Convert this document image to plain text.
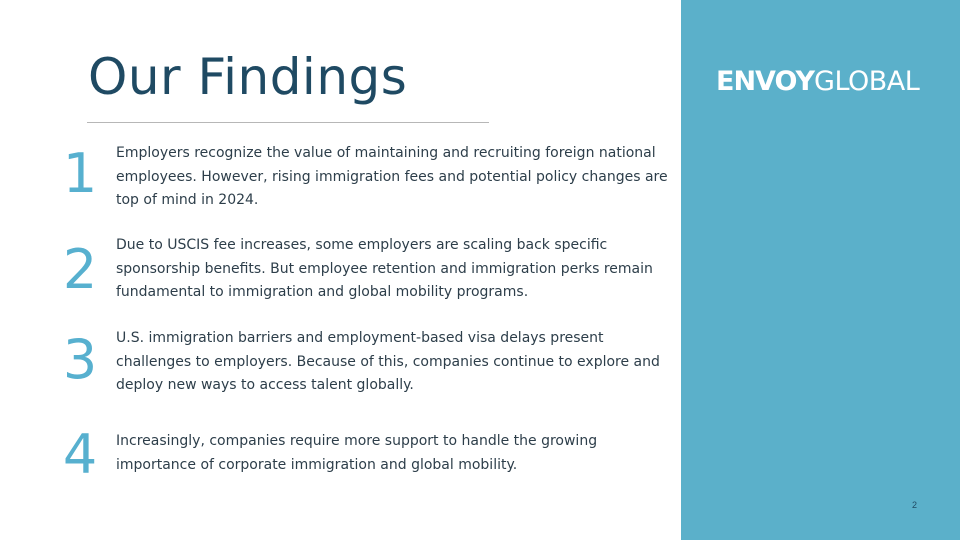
Our Findings
1	Employers recognize the value of maintaining and recruiting foreign national employees. However, rising immigration fees and potential policy changes are top of mind in 2024.
2	Due to USCIS fee increases, some employers are scaling back specific sponsorship benefits. But employee retention and immigration perks remain fundamental to immigration and global mobility programs.
3	U.S. immigration barriers and employment-based visa delays present challenges to employers. Because of this, companies continue to explore and deploy new ways to access talent globally.
4	Increasingly, companies require more support to handle the growing importance of corporate immigration and global mobility.
ENVOYGLOBAL
2
